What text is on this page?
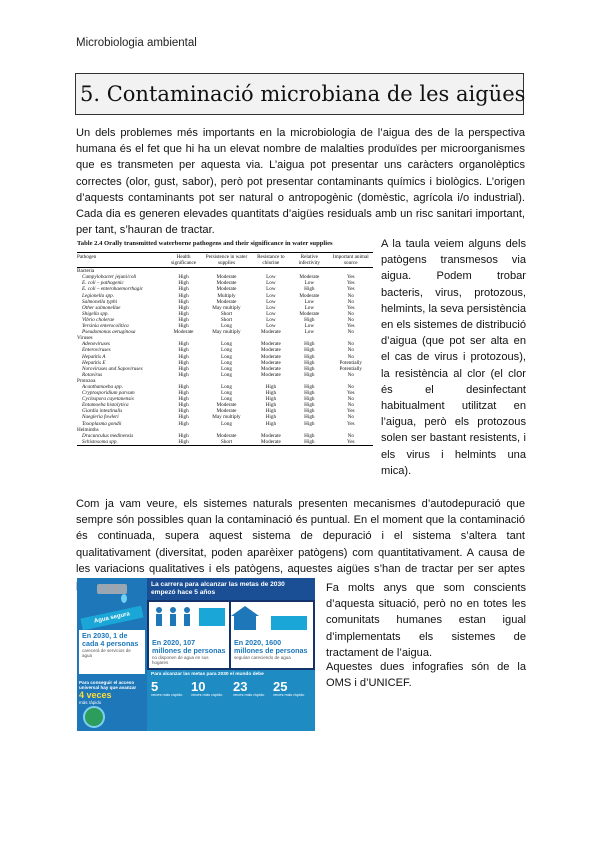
Microbiologia ambiental
5. Contaminació microbiana de les aigües

Un dels problemes més importants en la microbiologia de l’aigua des de la perspectiva humana és el fet que hi ha un elevat nombre de malalties produïdes per microorganismes que es transmeten per aquesta via. L’aigua pot presentar uns caràcters organolèptics correctes (olor, gust, sabor), però pot presentar contaminants químics i biològics. L’origen d’aquests contaminants pot ser natural o antropogènic (domèstic, agrícola i/o industrial). Cada dia es generen elevades quantitats d’aigües residuals amb un risc sanitari important, per tant, s’hauran de tractar.

Table 2.4 Orally transmitted waterborne pathogens and their significance in water supplies
Pathogen	Health significance	Persistence in water supplies	Resistance to chlorine	Relative infectivity	Important animal source
Bacteria					
Campylobacter jejuni/coli	High	Moderate	Low	Moderate	Yes
E. coli – pathogenic	High	Moderate	Low	Low	Yes
E. coli – enterohaemorrhagic	High	Moderate	Low	High	Yes
Legionella spp.	High	Multiply	Low	Moderate	No
Salmonella typhi	High	Moderate	Low	Low	No
Other salmonellae	High	May multiply	Low	Low	Yes
Shigella spp.	High	Short	Low	Moderate	No
Vibrio cholerae	High	Short	Low	High	No
Yersinia enterocolitica	High	Long	Low	Low	Yes
Pseudomonas aeruginosa	Moderate	May multiply	Moderate	Low	No
Viruses					
Adenoviruses	High	Long	Moderate	High	No
Enteroviruses	High	Long	Moderate	High	No
Hepatitis A	High	Long	Moderate	High	No
Hepatitis E	High	Long	Moderate	High	Potentially
Noroviruses and Sapoviruses	High	Long	Moderate	High	Potentially
Rotavirus	High	Long	Moderate	High	No
Protozoa					
Acanthamoeba spp.	High	Long	High	High	No
Cryptosporidium parvum	High	Long	High	High	Yes
Cyclospora cayetanensis	High	Long	High	High	No
Entamoeba histolytica	High	Moderate	High	High	No
Giardia intestinalis	High	Moderate	High	High	Yes
Naegleria fowleri	High	May multiply	High	High	No
Toxoplasma gondii	High	Long	High	High	Yes
Helminths					
Dracunculus medinensis	High	Moderate	Moderate	High	No
Schistosoma spp.	High	Short	Moderate	High	Yes

A la taula veiem alguns dels patògens transmesos via aigua. Podem trobar bacteris, virus, protozous, helmints, la seva persistència en els sistemes de distribució d’aigua (que pot ser alta en el cas de virus i protozous), la resistència al clor (el clor és el desinfectant habitualment utilitzat en l’aigua, però els protozous solen ser bastant resistents, i els virus i helmints una mica).

Com ja vam veure, els sistemes naturals presenten mecanismes d’autodepuració que sempre són possibles quan la contaminació és puntual. En el moment que la contaminació és continuada, supera aquest sistema de depuració i el sistema s’altera tant qualitativament (diversitat, poden aparèixer patògens) com quantitativament. A causa de les variacions qualitatives i els patògens, aquestes aigües s’han de tractar per ser aptes

Agua segura
La carrera para alcanzar las metas de 2030 empezó hace 5 años
En 2030, 1 de cada 4 personas
carecerá de servicios de agua
En 2020, 107 millones de personas
no disponen de agua en sus hogares
En 2020, 1600 millones de personas
seguían careciendo de agua
Para alcanzar las metas para 2030 el mundo debe
5
veces más rápido
10
veces más rápido
23
veces más rápido
25
veces más rápido
Para conseguir el acceso universal hay que avanzar
4 veces
más rápido

Fa molts anys que som conscients d’aquesta situació, però no en totes les comunitats humanes estan igual d’implementats els sistemes de tractament de l’aigua.

Aquestes dues infografies són de la OMS i d’UNICEF.
